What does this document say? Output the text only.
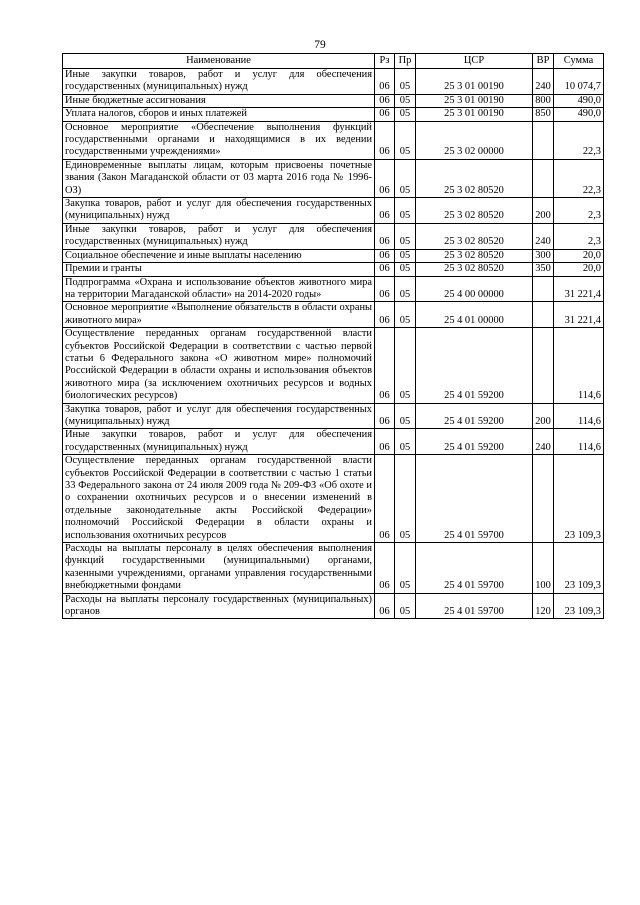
79
Наименование	Рз	Пр	ЦСР	ВР	Сумма
Иные закупки товаров, работ и услуг для обеспечения государственных (муниципальных) нужд	06	05	25 3 01 00190	240	10 074,7
Иные бюджетные ассигнования	06	05	25 3 01 00190	800	490,0
Уплата налогов, сборов и иных платежей	06	05	25 3 01 00190	850	490,0
Основное мероприятие «Обеспечение выполнения функций государственными органами и находящимися в их ведении государственными учреждениями»	06	05	25 3 02 00000		22,3
Единовременные выплаты лицам, которым присвоены почетные звания (Закон Магаданской области от 03 марта 2016 года № 1996-ОЗ)	06	05	25 3 02 80520		22,3
Закупка товаров, работ и услуг для обеспечения государственных (муниципальных) нужд	06	05	25 3 02 80520	200	2,3
Иные закупки товаров, работ и услуг для обеспечения государственных (муниципальных) нужд	06	05	25 3 02 80520	240	2,3
Социальное обеспечение и иные выплаты населению	06	05	25 3 02 80520	300	20,0
Премии и гранты	06	05	25 3 02 80520	350	20,0
Подпрограмма «Охрана и использование объектов животного мира на территории Магаданской области» на 2014-2020 годы»	06	05	25 4 00 00000		31 221,4
Основное мероприятие «Выполнение обязательств в области охраны животного мира»	06	05	25 4 01 00000		31 221,4
Осуществление переданных органам государственной власти субъектов Российской Федерации в соответствии с частью первой статьи 6 Федерального закона «О животном мире» полномочий Российской Федерации в области охраны и использования объектов животного мира (за исключением охотничьих ресурсов и водных биологических ресурсов)	06	05	25 4 01 59200		114,6
Закупка товаров, работ и услуг для обеспечения государственных (муниципальных) нужд	06	05	25 4 01 59200	200	114,6
Иные закупки товаров, работ и услуг для обеспечения государственных (муниципальных) нужд	06	05	25 4 01 59200	240	114,6
Осуществление переданных органам государственной власти субъектов Российской Федерации в соответствии с частью 1 статьи 33 Федерального закона от 24 июля 2009 года № 209-ФЗ «Об охоте и о сохранении охотничьих ресурсов и о внесении изменений в отдельные законодательные акты Российской Федерации» полномочий Российской Федерации в области охраны и использования охотничьих ресурсов	06	05	25 4 01 59700		23 109,3
Расходы на выплаты персоналу в целях обеспечения выполнения функций государственными (муниципальными) органами, казенными учреждениями, органами управления государственными внебюджетными фондами	06	05	25 4 01 59700	100	23 109,3
Расходы на выплаты персоналу государственных (муниципальных) органов	06	05	25 4 01 59700	120	23 109,3
